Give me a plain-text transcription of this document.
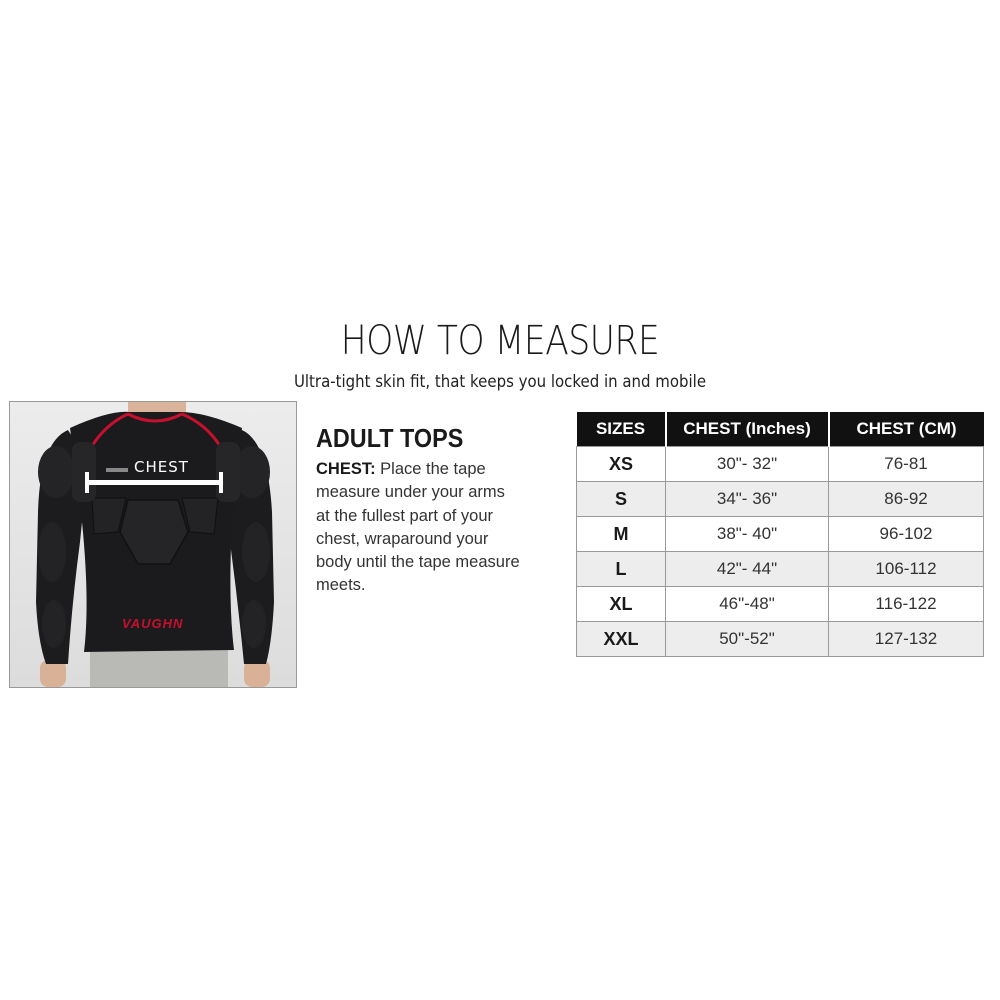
HOW TO MEASURE
Ultra-tight skin fit, that keeps you locked in and mobile
CHEST
VAUGHN
ADULT TOPS
CHEST: Place the tape measure under your arms at the fullest part of your chest, wraparound your body until the tape measure meets.
SIZES	CHEST (Inches)	CHEST (CM)
XS	30"- 32"	76-81
S	34"- 36"	86-92
M	38"- 40"	96-102
L	42"- 44"	106-112
XL	46"-48"	116-122
XXL	50"-52"	127-132
